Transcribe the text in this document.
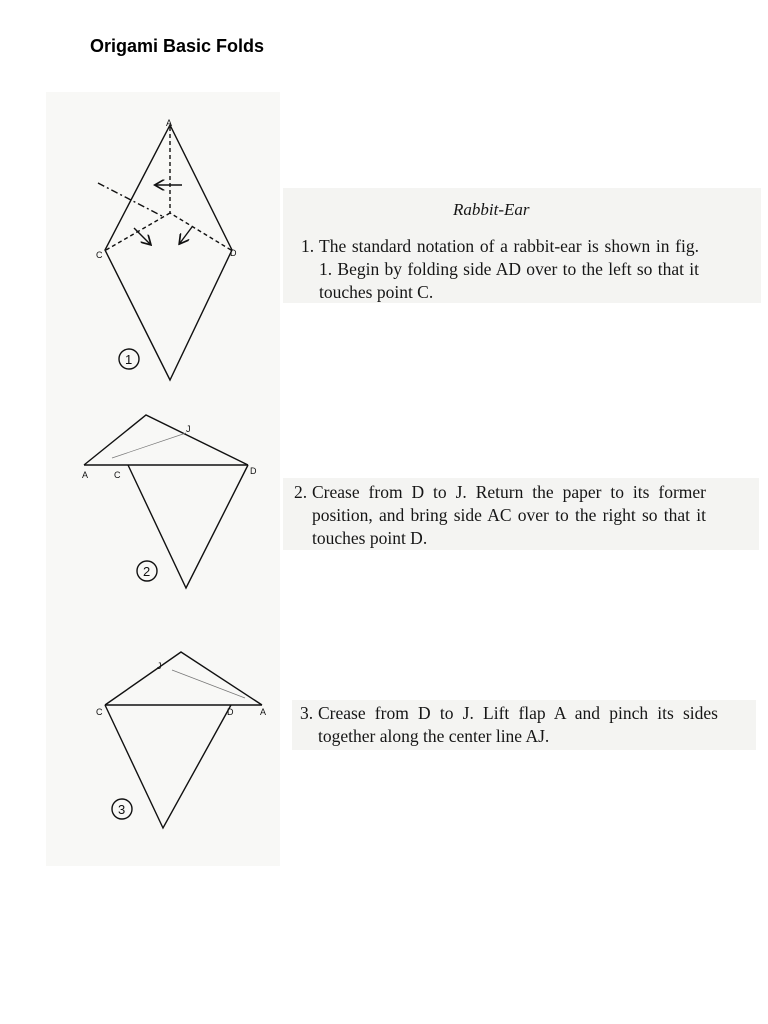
Origami Basic Folds
A
C	D
1
J
A	C	D
2
J
C	D	A
3
Rabbit-Ear
1. The standard notation of a rabbit-ear is shown in fig. 1. Begin by folding side AD over to the left so that it touches point C.
2. Crease from D to J. Return the paper to its former position, and bring side AC over to the right so that it touches point D.
3. Crease from D to J. Lift flap A and pinch its sides together along the center line AJ.
